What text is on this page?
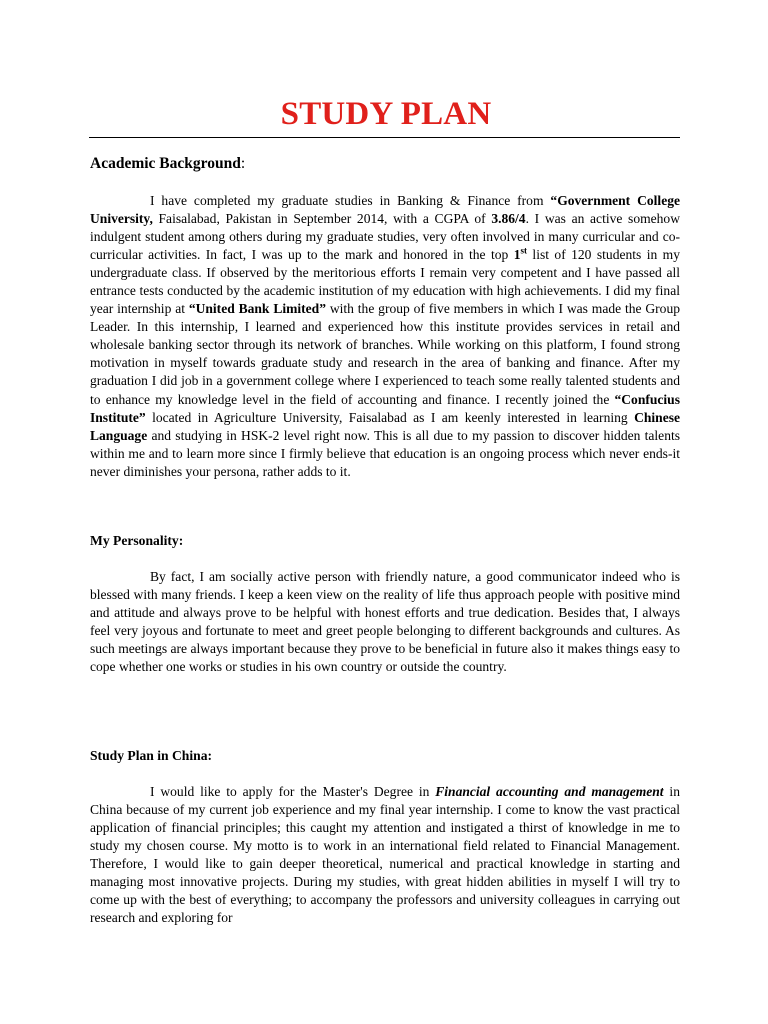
STUDY PLAN
Academic Background:

I have completed my graduate studies in Banking & Finance from “Government College University, Faisalabad, Pakistan in September 2014, with a CGPA of 3.86/4. I was an active somehow indulgent student among others during my graduate studies, very often involved in many curricular and co-curricular activities. In fact, I was up to the mark and honored in the top 1st list of 120 students in my undergraduate class. If observed by the meritorious efforts I remain very competent and I have passed all entrance tests conducted by the academic institution of my education with high achievements. I did my final year internship at “United Bank Limited” with the group of five members in which I was made the Group Leader. In this internship, I learned and experienced how this institute provides services in retail and wholesale banking sector through its network of branches. While working on this platform, I found strong motivation in myself towards graduate study and research in the area of banking and finance. After my graduation I did job in a government college where I experienced to teach some really talented students and to enhance my knowledge level in the field of accounting and finance. I recently joined the “Confucius Institute” located in Agriculture University, Faisalabad as I am keenly interested in learning Chinese Language and studying in HSK-2 level right now. This is all due to my passion to discover hidden talents within me and to learn more since I firmly believe that education is an ongoing process which never ends-it never diminishes your persona, rather adds to it.

My Personality:

By fact, I am socially active person with friendly nature, a good communicator indeed who is blessed with many friends. I keep a keen view on the reality of life thus approach people with positive mind and attitude and always prove to be helpful with honest efforts and true dedication. Besides that, I always feel very joyous and fortunate to meet and greet people belonging to different backgrounds and cultures. As such meetings are always important because they prove to be beneficial in future also it makes things easy to cope whether one works or studies in his own country or outside the country.

Study Plan in China:

I would like to apply for the Master's Degree in Financial accounting and management in China because of my current job experience and my final year internship. I come to know the vast practical application of financial principles; this caught my attention and instigated a thirst of knowledge in me to study my chosen course. My motto is to work in an international field related to Financial Management. Therefore, I would like to gain deeper theoretical, numerical and practical knowledge in starting and managing most innovative projects. During my studies, with great hidden abilities in myself I will try to come up with the best of everything; to accompany the professors and university colleagues in carrying out research and exploring for
